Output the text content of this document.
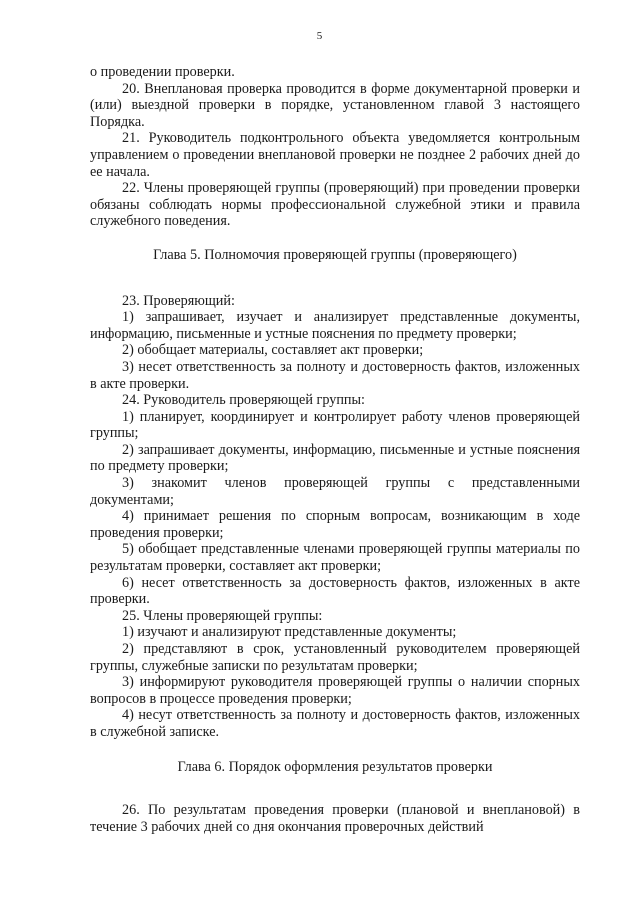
5

о проведении проверки.

20. Внеплановая проверка проводится в форме документарной проверки и (или) выездной проверки в порядке, установленном главой 3 настоящего Порядка.

21. Руководитель подконтрольного объекта уведомляется контрольным управлением о проведении внеплановой проверки не позднее 2 рабочих дней до ее начала.

22. Члены проверяющей группы (проверяющий) при проведении проверки обязаны соблюдать нормы профессиональной служебной этики и правила служебного поведения.

Глава 5. Полномочия проверяющей группы (проверяющего)

23. Проверяющий:

1) запрашивает, изучает и анализирует представленные документы, информацию, письменные и устные пояснения по предмету проверки;

2) обобщает материалы, составляет акт проверки;

3) несет ответственность за полноту и достоверность фактов, изложенных в акте проверки.

24. Руководитель проверяющей группы:

1) планирует, координирует и контролирует работу членов проверяющей группы;

2) запрашивает документы, информацию, письменные и устные пояснения по предмету проверки;

3) знакомит членов проверяющей группы с представленными документами;

4) принимает решения по спорным вопросам, возникающим в ходе проведения проверки;

5) обобщает представленные членами проверяющей группы материалы по результатам проверки, составляет акт проверки;

6) несет ответственность за достоверность фактов, изложенных в акте проверки.

25. Члены проверяющей группы:

1) изучают и анализируют представленные документы;

2) представляют в срок, установленный руководителем проверяющей группы, служебные записки по результатам проверки;

3) информируют руководителя проверяющей группы о наличии спорных вопросов в процессе проведения проверки;

4) несут ответственность за полноту и достоверность фактов, изложенных в служебной записке.

Глава 6. Порядок оформления результатов проверки

26. По результатам проведения проверки (плановой и внеплановой) в течение 3 рабочих дней со дня окончания проверочных действий
